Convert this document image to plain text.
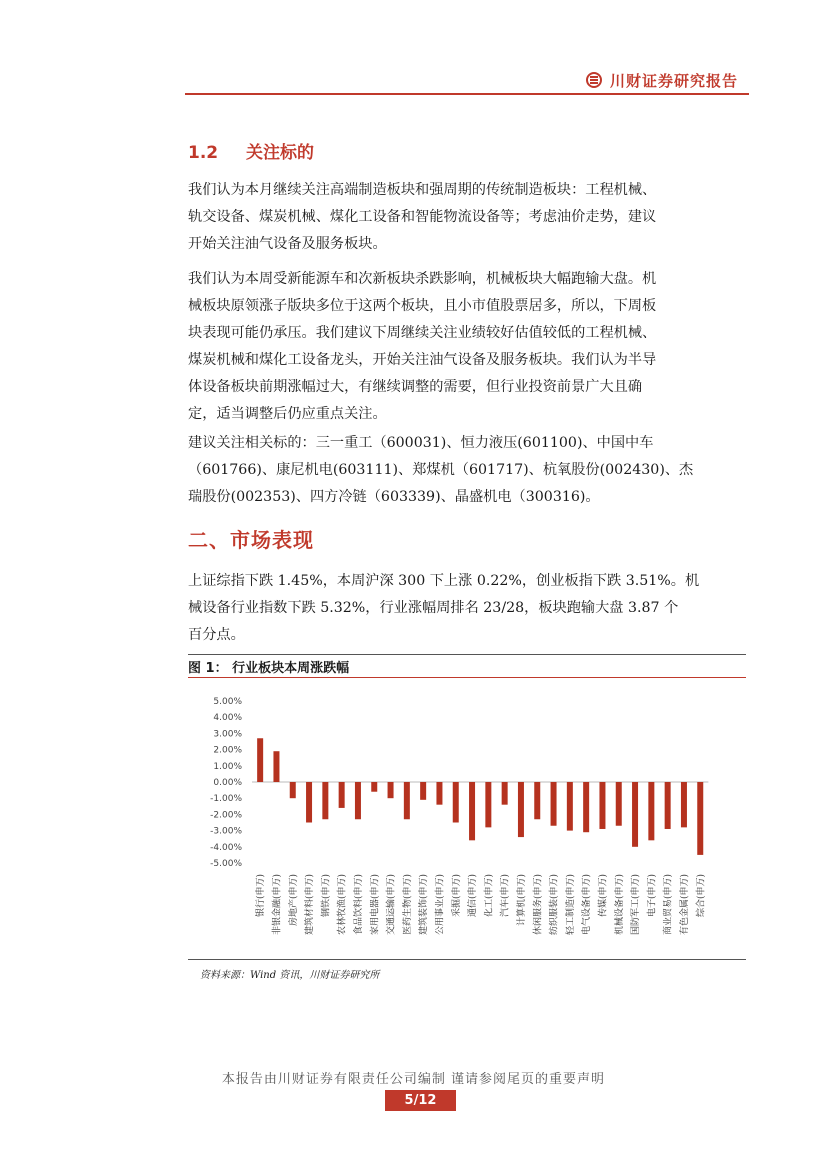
川财证券研究报告
1.2 关注标的

我们认为本月继续关注高端制造板块和强周期的传统制造板块：工程机械、
轨交设备、煤炭机械、煤化工设备和智能物流设备等；考虑油价走势，建议
开始关注油气设备及服务板块。

我们认为本周受新能源车和次新板块杀跌影响，机械板块大幅跑输大盘。机
械板块原领涨子版块多位于这两个板块，且小市值股票居多，所以，下周板
块表现可能仍承压。我们建议下周继续关注业绩较好估值较低的工程机械、
煤炭机械和煤化工设备龙头，开始关注油气设备及服务板块。我们认为半导
体设备板块前期涨幅过大，有继续调整的需要，但行业投资前景广大且确
定，适当调整后仍应重点关注。

建议关注相关标的：三一重工（600031)、恒力液压(601100)、中国中车
（601766)、康尼机电(603111)、郑煤机（601717)、杭氧股份(002430)、杰
瑞股份(002353)、四方冷链（603339)、晶盛机电（300316)。

二、市场表现

上证综指下跌 1.45%，本周沪深 300 下上涨 0.22%，创业板指下跌 3.51%。机
械设备行业指数下跌 5.32%，行业涨幅周排名 23/28，板块跑输大盘 3.87 个
百分点。

图 1： 行业板块本周涨跌幅
5.00%
4.00%
3.00%
2.00%
1.00%
0.00%
-1.00%
-2.00%
-3.00%
-4.00%
-5.00%
银行(申万) 非银金融(申万) 房地产(申万) 建筑材料(申万) 钢铁(申万) 农林牧渔(申万) 食品饮料(申万) 家用电器(申万) 交通运输(申万) 医药生物(申万) 建筑装饰(申万) 公用事业(申万) 采掘(申万) 通信(申万) 化工(申万) 汽车(申万) 计算机(申万) 休闲服务(申万) 纺织服装(申万) 轻工制造(申万) 电气设备(申万) 传媒(申万) 机械设备(申万) 国防军工(申万) 电子(申万) 商业贸易(申万) 有色金属(申万) 综合(申万)
资料来源：Wind 资讯，川财证券研究所
本报告由川财证券有限责任公司编制 谨请参阅尾页的重要声明
5/12
